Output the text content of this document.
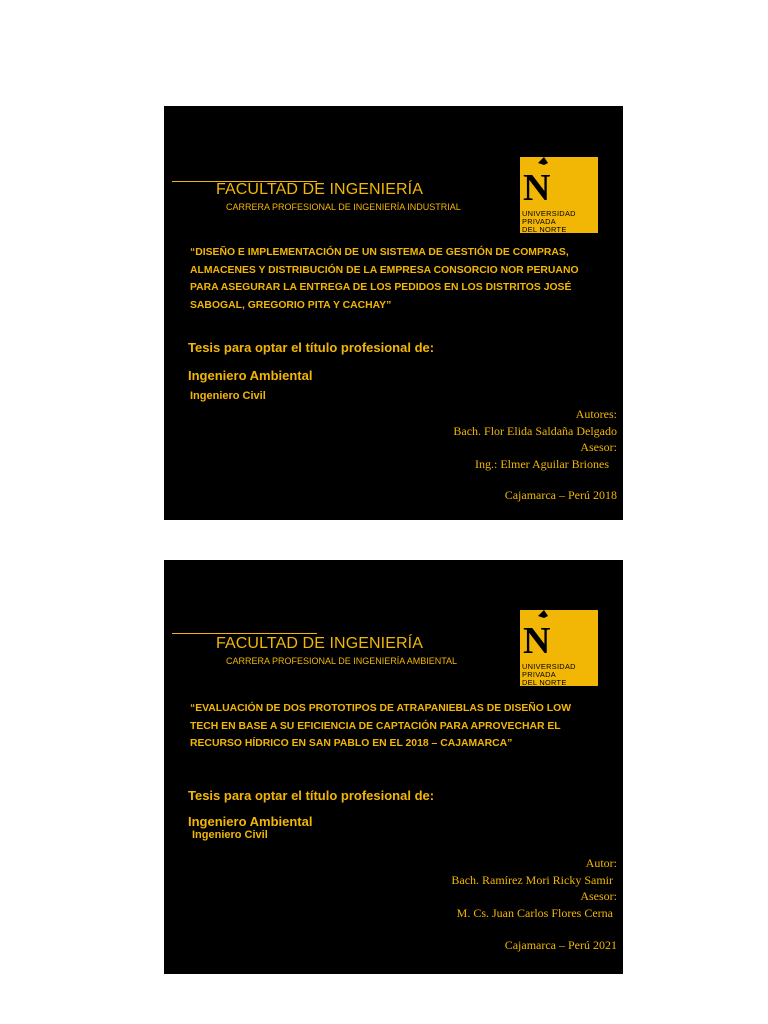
FACULTAD DE INGENIERÍA
CARRERA PROFESIONAL DE INGENIERÍA INDUSTRIAL N
UNIVERSIDAD
PRIVADA
DEL NORTE
“DISEÑO E IMPLEMENTACIÓN DE UN SISTEMA DE GESTIÓN DE COMPRAS,
ALMACENES Y DISTRIBUCIÓN DE LA EMPRESA CONSORCIO NOR PERUANO
PARA ASEGURAR LA ENTREGA DE LOS PEDIDOS EN LOS DISTRITOS JOSÉ
SABOGAL, GREGORIO PITA Y CACHAY”
Tesis para optar el título profesional de:
Ingeniero Ambiental
Ingeniero Civil
Autores:
Bach. Flor Elida Saldaña Delgado
Asesor:
Ing.: Elmer Aguilar Briones
Cajamarca – Perú 2018
FACULTAD DE INGENIERÍA
CARRERA PROFESIONAL DE INGENIERÍA AMBIENTAL N
UNIVERSIDAD
PRIVADA
DEL NORTE
“EVALUACIÓN DE DOS PROTOTIPOS DE ATRAPANIEBLAS DE DISEÑO LOW
TECH EN BASE A SU EFICIENCIA DE CAPTACIÓN PARA APROVECHAR EL
RECURSO HÍDRICO EN SAN PABLO EN EL 2018 – CAJAMARCA”
Tesis para optar el título profesional de:
Ingeniero Ambiental
Ingeniero Civil
Autor:
Bach. Ramírez Mori Ricky Samir
Asesor:
M. Cs. Juan Carlos Flores Cerna
Cajamarca – Perú 2021
